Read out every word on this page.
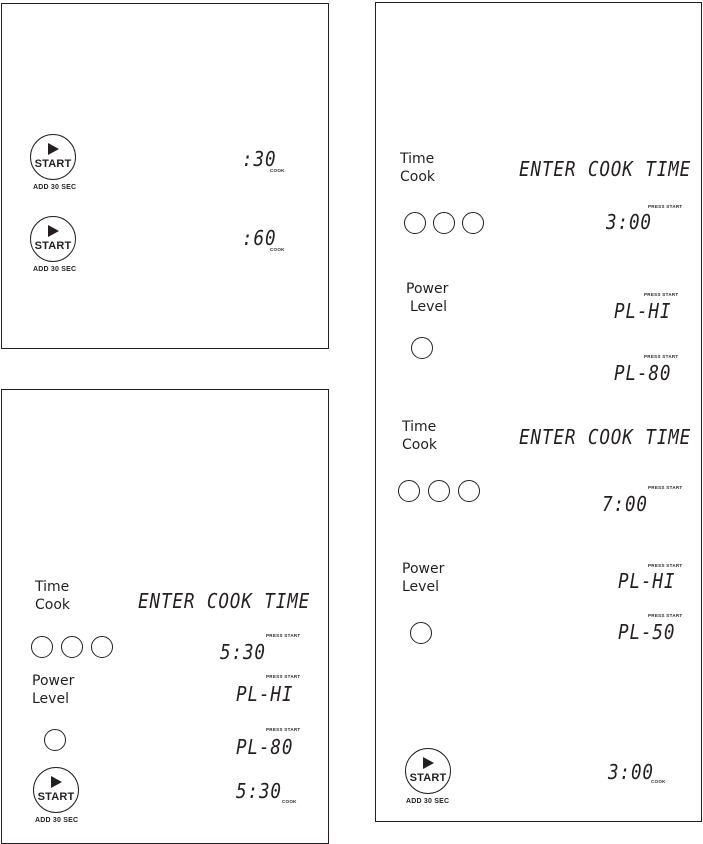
START
ADD 30 SEC
:30
COOK
START
ADD 30 SEC
:60
COOK
Time
Cook	ENTER COOK TIME
PRESS START
5:30
Power
Level
PRESS START
PL-HI
PRESS START
PL-80
START
ADD 30 SEC
5:30 COOK
Time
Cook	ENTER COOK TIME
PRESS START
3:00
Power
Level
PRESS START
PL-HI
PRESS START
PL-80
Time
Cook	ENTER COOK TIME
PRESS START
7:00
Power
Level
PRESS START
PL-HI
PRESS START
PL-50
START
ADD 30 SEC
3:00
COOK
